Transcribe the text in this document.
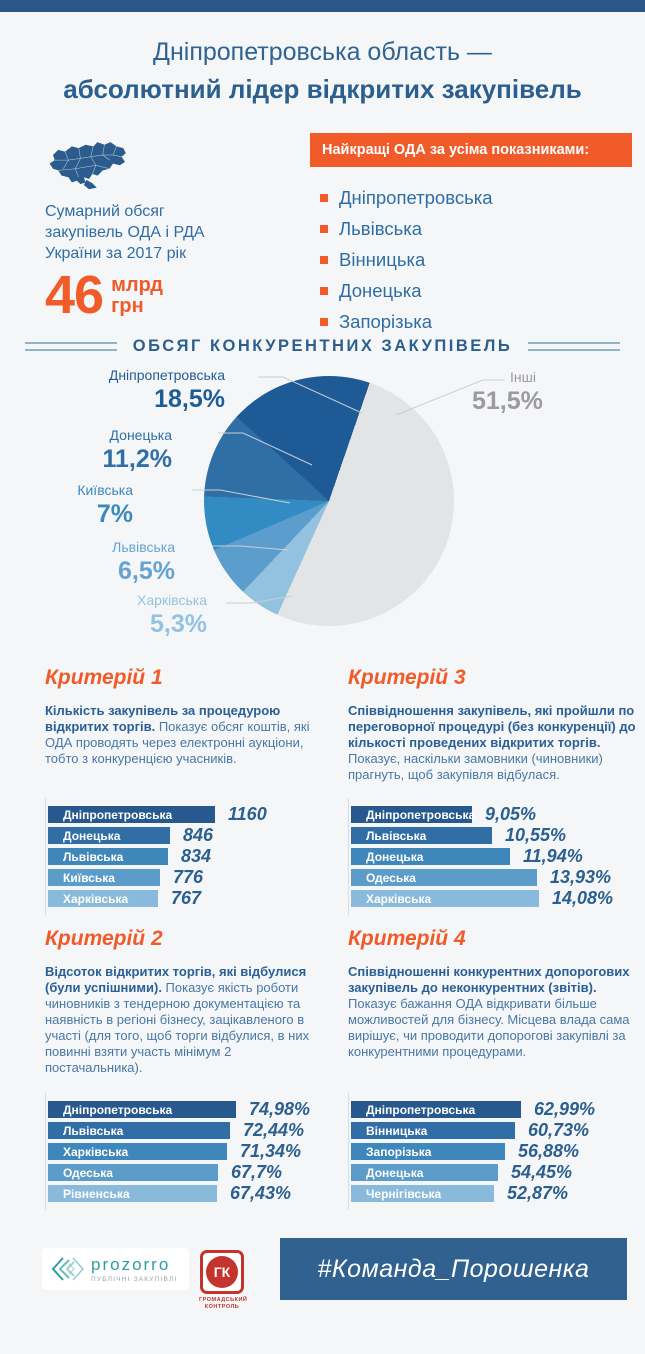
Дніпропетровська область —
абсолютний лідер відкритих закупівель
Сумарний обсяг
закупівель ОДА і РДА
України за 2017 рік
46 млрд
грн
Найкращі ОДА за усіма показниками:
Дніпропетровська
Львівська
Вінницька
Донецька
Запорізька
ОБСЯГ КОНКУРЕНТНИХ ЗАКУПІВЕЛЬ
Дніпропетровська
18,5%
Донецька
11,2%
Київська
7%
Львівська
6,5%
Харківська
5,3%
Інші
51,5%
Критерій 1

Кількість закупівель за процедурою відкритих торгів. Показує обсяг коштів, які ОДА проводять через електронні аукціони, тобто з конкуренцією учасників.

Дніпропетровська	1160
Донецька	846
Львівська	834
Київська	776
Харківська 767
Критерій 3

Співвідношення закупівель, які пройшли по переговорної процедурі (без конкуренції) до кількості проведених відкритих торгів. Показує, наскільки замовники (чиновники) прагнуть, щоб закупівля відбулася.

Дніпропетровська 9,05%
Львівська	10,55%
Донецька	11,94%
Одеська	13,93%
Харківська	14,08%
Критерій 2

Відсоток відкритих торгів, які відбулися (були успішними). Показує якість роботи чиновників з тендерною документацією та наявність в регіоні бізнесу, зацікавленого в участі (для того, щоб торги відбулися, в них повинні взяти участь мінімум 2 постачальника).

Дніпропетровська	74,98%
Львівська	72,44%
Харківська	71,34%
Одеська	67,7%
Рівненська	67,43%
Критерій 4

Співвідношенні конкурентних допорогових закупівель до неконкурентних (звітів). Показує бажання ОДА відкривати більше можливостей для бізнесу. Місцева влада сама вирішує, чи проводити допорогові закупівлі за конкурентними процедурами.

Дніпропетровська	62,99%
Вінницька	60,73%
Запорізька	56,88%
Донецька	54,45%
Чернігівська	52,87%
prozorro
ПУБЛІЧНІ ЗАКУПІВЛІ	ГК
ГРОМАДСЬКИЙ
КОНТРОЛЬ
#Команда_Порошенка
